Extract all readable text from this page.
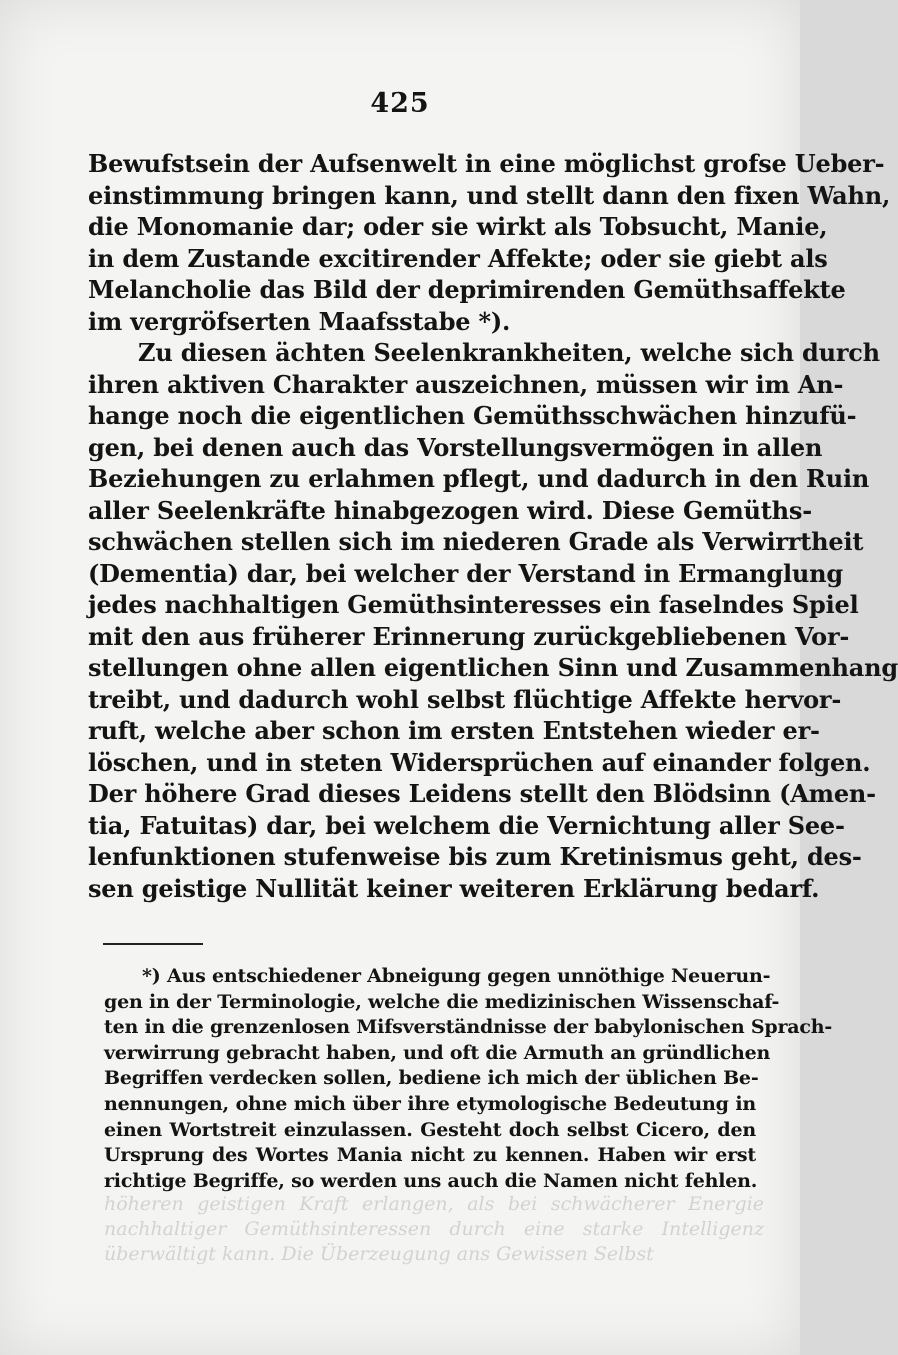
425
Bewufstsein der Aufsenwelt in eine möglichst grofse Ueber-
einstimmung bringen kann, und stellt dann den fixen Wahn,
die Monomanie dar; oder sie wirkt als Tobsucht, Manie,
in dem Zustande excitirender Affekte; oder sie giebt als
Melancholie das Bild der deprimirenden Gemüthsaffekte
im vergröfserten Maafsstabe *).
Zu diesen ächten Seelenkrankheiten, welche sich durch
ihren aktiven Charakter auszeichnen, müssen wir im An-
hange noch die eigentlichen Gemüthsschwächen hinzufü-
gen, bei denen auch das Vorstellungsvermögen in allen
Beziehungen zu erlahmen pflegt, und dadurch in den Ruin
aller Seelenkräfte hinabgezogen wird. Diese Gemüths-
schwächen stellen sich im niederen Grade als Verwirrtheit
(Dementia) dar, bei welcher der Verstand in Ermanglung
jedes nachhaltigen Gemüthsinteresses ein faselndes Spiel
mit den aus früherer Erinnerung zurückgebliebenen Vor-
stellungen ohne allen eigentlichen Sinn und Zusammenhang
treibt, und dadurch wohl selbst flüchtige Affekte hervor-
ruft, welche aber schon im ersten Entstehen wieder er-
löschen, und in steten Widersprüchen auf einander folgen.
Der höhere Grad dieses Leidens stellt den Blödsinn (Amen-
tia, Fatuitas) dar, bei welchem die Vernichtung aller See-
lenfunktionen stufenweise bis zum Kretinismus geht, des-
sen geistige Nullität keiner weiteren Erklärung bedarf.
*) Aus entschiedener Abneigung gegen unnöthige Neuerun-
gen in der Terminologie, welche die medizinischen Wissenschaf-
ten in die grenzenlosen Mifsverständnisse der babylonischen Sprach-
verwirrung gebracht haben, und oft die Armuth an gründlichen
Begriffen verdecken sollen, bediene ich mich der üblichen Be-
nennungen, ohne mich über ihre etymologische Bedeutung in
einen Wortstreit einzulassen. Gesteht doch selbst Cicero, den
Ursprung des Wortes Mania nicht zu kennen. Haben wir erst
richtige Begriffe, so werden uns auch die Namen nicht fehlen.
höheren geistigen Kraft erlangen, als bei schwächerer Energie
nachhaltiger Gemüthsinteressen durch eine starke Intelligenz
überwältigt kann. Die Überzeugung ans Gewissen Selbst
